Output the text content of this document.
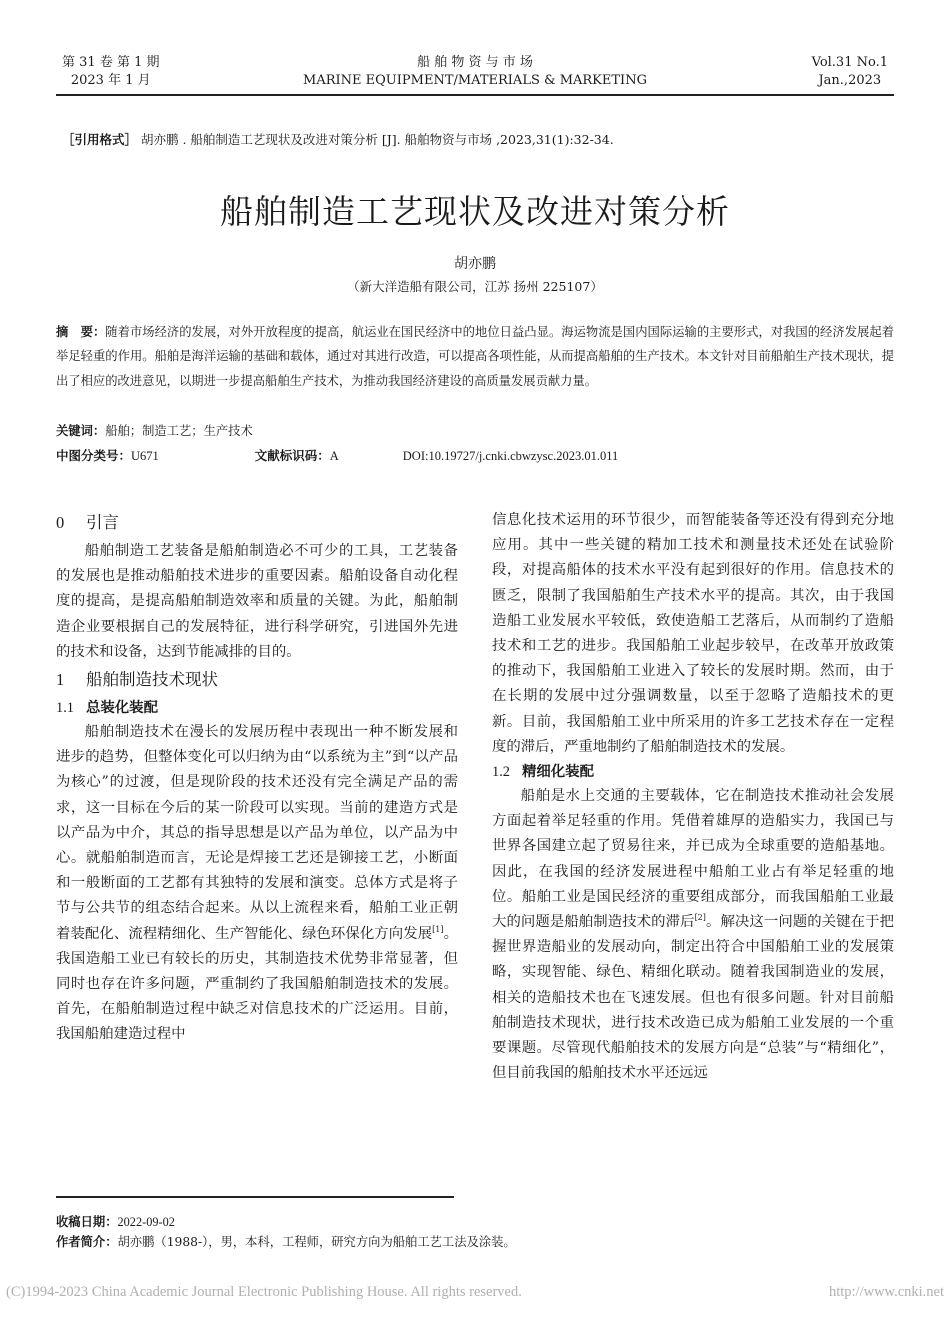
第 31 卷 第 1 期
2023 年 1 月
船 舶 物 资 与 市 场
MARINE EQUIPMENT/MATERIALS & MARKETING
Vol.31 No.1
Jan.,2023
［引用格式］ 胡亦鹏 . 船舶制造工艺现状及改进对策分析 [J]. 船舶物资与市场 ,2023,31(1):32-34.
船舶制造工艺现状及改进对策分析
胡亦鹏
（新大洋造船有限公司，江苏 扬州 225107）
摘　要：随着市场经济的发展，对外开放程度的提高，航运业在国民经济中的地位日益凸显。海运物流是国内国际运输的主要形式，对我国的经济发展起着举足轻重的作用。船舶是海洋运输的基础和载体，通过对其进行改造，可以提高各项性能，从而提高船舶的生产技术。本文针对目前船舶生产技术现状，提出了相应的改进意见，以期进一步提高船舶生产技术，为推动我国经济建设的高质量发展贡献力量。
关键词：船舶；制造工艺；生产技术
中图分类号：U671	文献标识码：A	DOI:10.19727/j.cnki.cbwzysc.2023.01.011
0 引言

船舶制造工艺装备是船舶制造必不可少的工具，工艺装备的发展也是推动船舶技术进步的重要因素。船舶设备自动化程度的提高，是提高船舶制造效率和质量的关键。为此，船舶制造企业要根据自己的发展特征，进行科学研究，引进国外先进的技术和设备，达到节能减排的目的。

1 船舶制造技术现状
1.1 总装化装配

船舶制造技术在漫长的发展历程中表现出一种不断发展和进步的趋势，但整体变化可以归纳为由“以系统为主”到“以产品为核心”的过渡，但是现阶段的技术还没有完全满足产品的需求，这一目标在今后的某一阶段可以实现。当前的建造方式是以产品为中介，其总的指导思想是以产品为单位，以产品为中心。就船舶制造而言，无论是焊接工艺还是铆接工艺，小断面和一般断面的工艺都有其独特的发展和演变。总体方式是将子节与公共节的组态结合起来。从以上流程来看，船舶工业正朝着装配化、流程精细化、生产智能化、绿色环保化方向发展[1]。我国造船工业已有较长的历史，其制造技术优势非常显著，但同时也存在许多问题，严重制约了我国船舶制造技术的发展。首先，在船舶制造过程中缺乏对信息技术的广泛运用。目前，我国船舶建造过程中

信息化技术运用的环节很少，而智能装备等还没有得到充分地应用。其中一些关键的精加工技术和测量技术还处在试验阶段，对提高船体的技术水平没有起到很好的作用。信息技术的匮乏，限制了我国船舶生产技术水平的提高。其次，由于我国造船工业发展水平较低，致使造船工艺落后，从而制约了造船技术和工艺的进步。我国船舶工业起步较早，在改革开放政策的推动下，我国船舶工业进入了较长的发展时期。然而，由于在长期的发展中过分强调数量，以至于忽略了造船技术的更新。目前，我国船舶工业中所采用的许多工艺技术存在一定程度的滞后，严重地制约了船舶制造技术的发展。

1.2 精细化装配

船舶是水上交通的主要载体，它在制造技术推动社会发展方面起着举足轻重的作用。凭借着雄厚的造船实力，我国已与世界各国建立起了贸易往来，并已成为全球重要的造船基地。因此，在我国的经济发展进程中船舶工业占有举足轻重的地位。船舶工业是国民经济的重要组成部分，而我国船舶工业最大的问题是船舶制造技术的滞后[2]。解决这一问题的关键在于把握世界造船业的发展动向，制定出符合中国船舶工业的发展策略，实现智能、绿色、精细化联动。随着我国制造业的发展，相关的造船技术也在飞速发展。但也有很多问题。针对目前船舶制造技术现状，进行技术改造已成为船舶工业发展的一个重要课题。尽管现代船舶技术的发展方向是“总装”与“精细化”，但目前我国的船舶技术水平还远远

收稿日期：2022-09-02
作者简介：胡亦鹏（1988-），男，本科，工程师，研究方向为船舶工艺工法及涂装。
(C)1994-2023 China Academic Journal Electronic Publishing House. All rights reserved.	http://www.cnki.net
